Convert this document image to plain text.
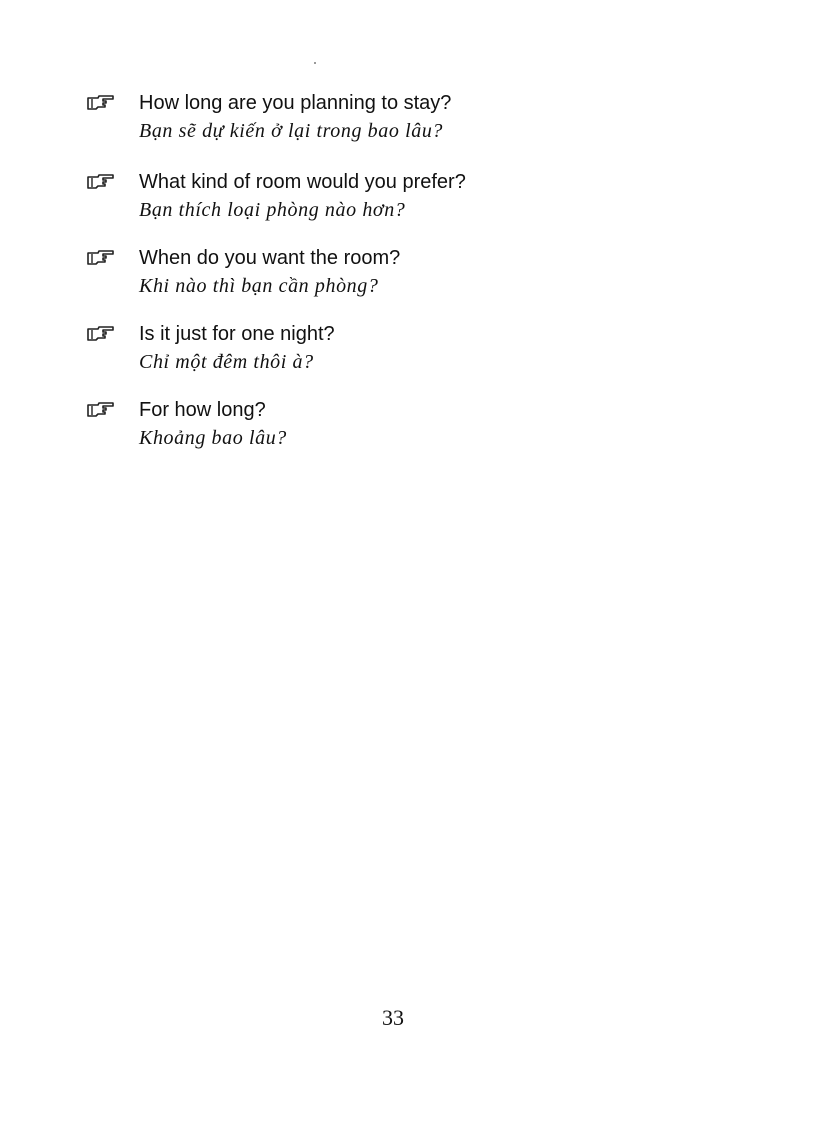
How long are you planning to stay?
Bạn sẽ dự kiến ở lại trong bao lâu?
What kind of room would you prefer?
Bạn thích loại phòng nào hơn?
When do you want the room?
Khi nào thì bạn cần phòng?
Is it just for one night?
Chỉ một đêm thôi à?
For how long?
Khoảng bao lâu?
33
